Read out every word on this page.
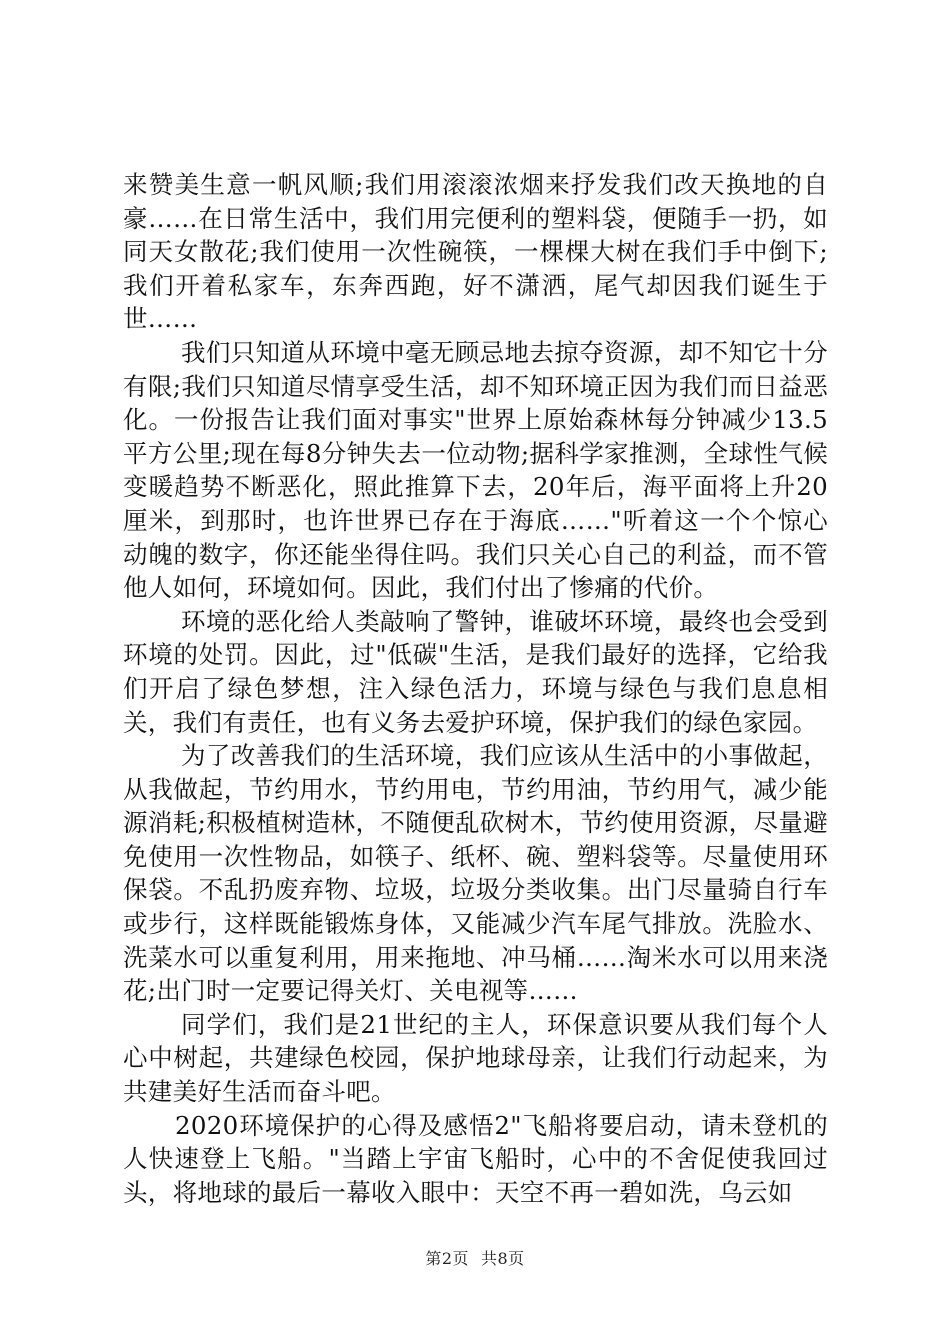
来赞美生意一帆风顺;我们用滚滚浓烟来抒发我们改天换地的自豪……在日常生活中，我们用完便利的塑料袋，便随手一扔，如同天女散花;我们使用一次性碗筷，一棵棵大树在我们手中倒下;我们开着私家车，东奔西跑，好不潇洒，尾气却因我们诞生于世……

我们只知道从环境中毫无顾忌地去掠夺资源，却不知它十分有限;我们只知道尽情享受生活，却不知环境正因为我们而日益恶化。一份报告让我们面对事实"世界上原始森林每分钟减少13.5平方公里;现在每8分钟失去一位动物;据科学家推测，全球性气候变暖趋势不断恶化，照此推算下去，20年后，海平面将上升20厘米，到那时，也许世界已存在于海底……"听着这一个个惊心动魄的数字，你还能坐得住吗。我们只关心自己的利益，而不管他人如何，环境如何。因此，我们付出了惨痛的代价。

环境的恶化给人类敲响了警钟，谁破坏环境，最终也会受到环境的处罚。因此，过"低碳"生活，是我们最好的选择，它给我们开启了绿色梦想，注入绿色活力，环境与绿色与我们息息相关，我们有责任，也有义务去爱护环境，保护我们的绿色家园。

为了改善我们的生活环境，我们应该从生活中的小事做起，从我做起，节约用水，节约用电，节约用油，节约用气，减少能源消耗;积极植树造林，不随便乱砍树木，节约使用资源，尽量避免使用一次性物品，如筷子、纸杯、碗、塑料袋等。尽量使用环保袋。不乱扔废弃物、垃圾，垃圾分类收集。出门尽量骑自行车或步行，这样既能锻炼身体，又能减少汽车尾气排放。洗脸水、洗菜水可以重复利用，用来拖地、冲马桶……淘米水可以用来浇花;出门时一定要记得关灯、关电视等……

同学们，我们是21世纪的主人，环保意识要从我们每个人心中树起，共建绿色校园，保护地球母亲，让我们行动起来，为共建美好生活而奋斗吧。

2020环境保护的心得及感悟2"飞船将要启动，请未登机的人快速登上飞船。"当踏上宇宙飞船时，心中的不舍促使我回过头，将地球的最后一幕收入眼中：天空不再一碧如洗，乌云如

第2页 共8页
